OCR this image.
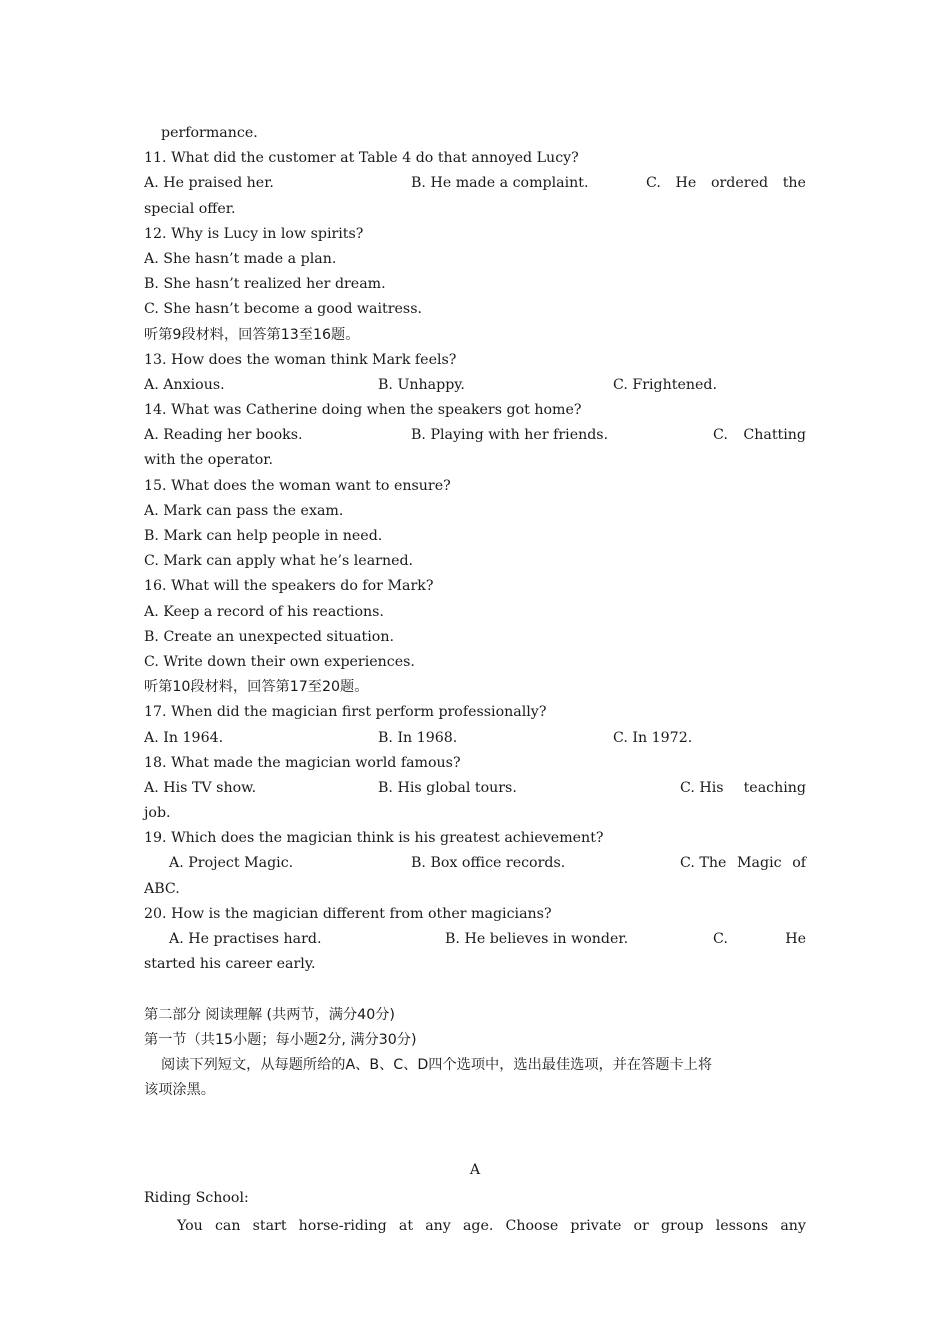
performance.
11. What did the customer at Table 4 do that annoyed Lucy?

A. He praised her.

	B. He made a complaint.

	C. He ordered the

special offer.
12. Why is Lucy in low spirits?
A. She hasn’t made a plan.
B. She hasn’t realized her dream.
C. She hasn’t become a good waitress.
听第9段材料，回答第13至16题。
13. How does the woman think Mark feels?

A. Anxious.

	B. Unhappy.

	C. Frightened.

14. What was Catherine doing when the speakers got home?

A. Reading her books.

	B. Playing with her friends.

	C. Chatting

with the operator.
15. What does the woman want to ensure?
A. Mark can pass the exam.
B. Mark can help people in need.
C. Mark can apply what he’s learned.
16. What will the speakers do for Mark?
A. Keep a record of his reactions.
B. Create an unexpected situation.
C. Write down their own experiences.
听第10段材料，回答第17至20题。
17. When did the magician first perform professionally?

A. In 1964.

	B. In 1968.

	C. In 1972.

18. What made the magician world famous?

A. His TV show.

	B. His global tours.

	C. His teaching

job.
19. Which does the magician think is his greatest achievement?

A. Project Magic.

	B. Box office records.

	C. The Magic of

ABC.
20. How is the magician different from other magicians?

A. He practises hard.

	B. He believes in wonder.

	C.	He

started his career early.
第二部分 阅读理解 (共两节，满分40分)
第一节（共15小题；每小题2分, 满分30分)
阅读下列短文，从每题所给的A、B、C、D四个选项中，选出最佳选项，并在答题卡上将
该项涂黑。
A
Riding School:
You can start horse-riding at any age. Choose private or group lessons any
